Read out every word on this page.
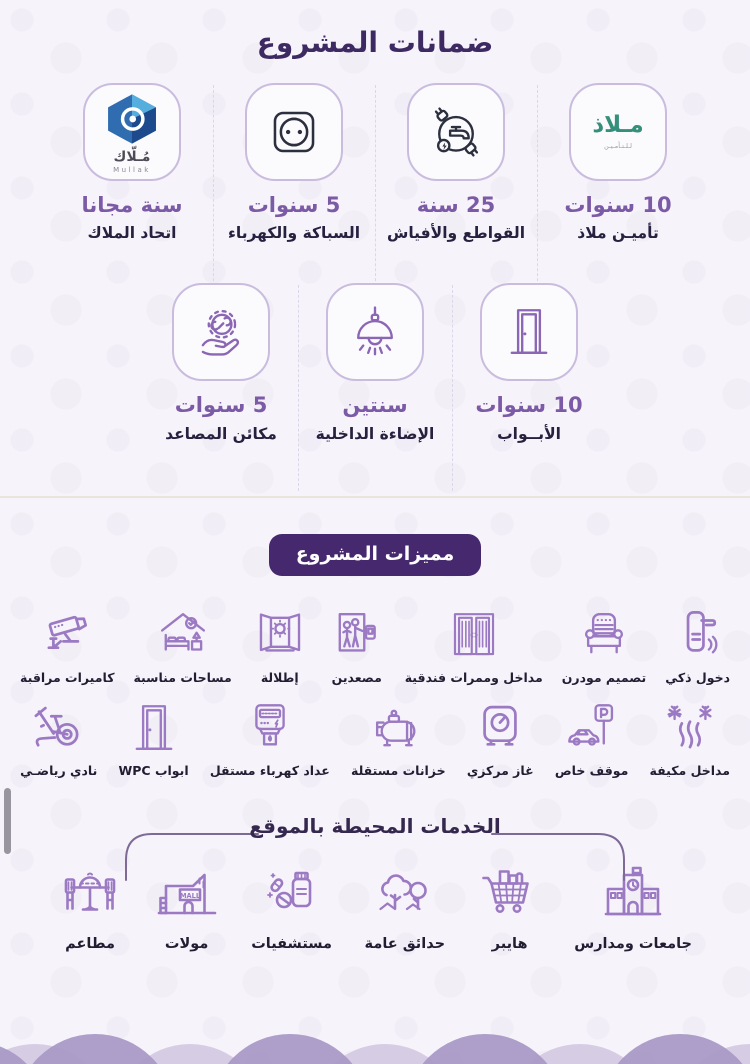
ضمانات المشروع
مـلاذ
لـلـتـأمـيـن
10 سنوات
تأميـن ملاذ
25 سنة
القواطع والأفياش
5 سنوات
السباكة والكهرباء
مُـلّاك
Mullak
سنة مجانا
اتحاد الملاك
10 سنوات
الأبــواب
سنتين
الإضاءة الداخلية
5 سنوات
مكائن المصاعد
مميزات المشروع
دخول ذكي
تصميم مودرن
مداخل وممرات فندقية
مصعدين
إطلالة
مساحات مناسبة
كاميرات مراقبة
مداخل مكيفة
موقف خاص
غاز مركزي
خزانات مستقلة
عداد كهرباء مستقل
ابواب WPC
نادي رياضـي
الخدمات المحيطة بالموقع
جامعات ومدارس
هايبر
حدائق عامة
مستشفيات
MALL
مولات
مطاعم
